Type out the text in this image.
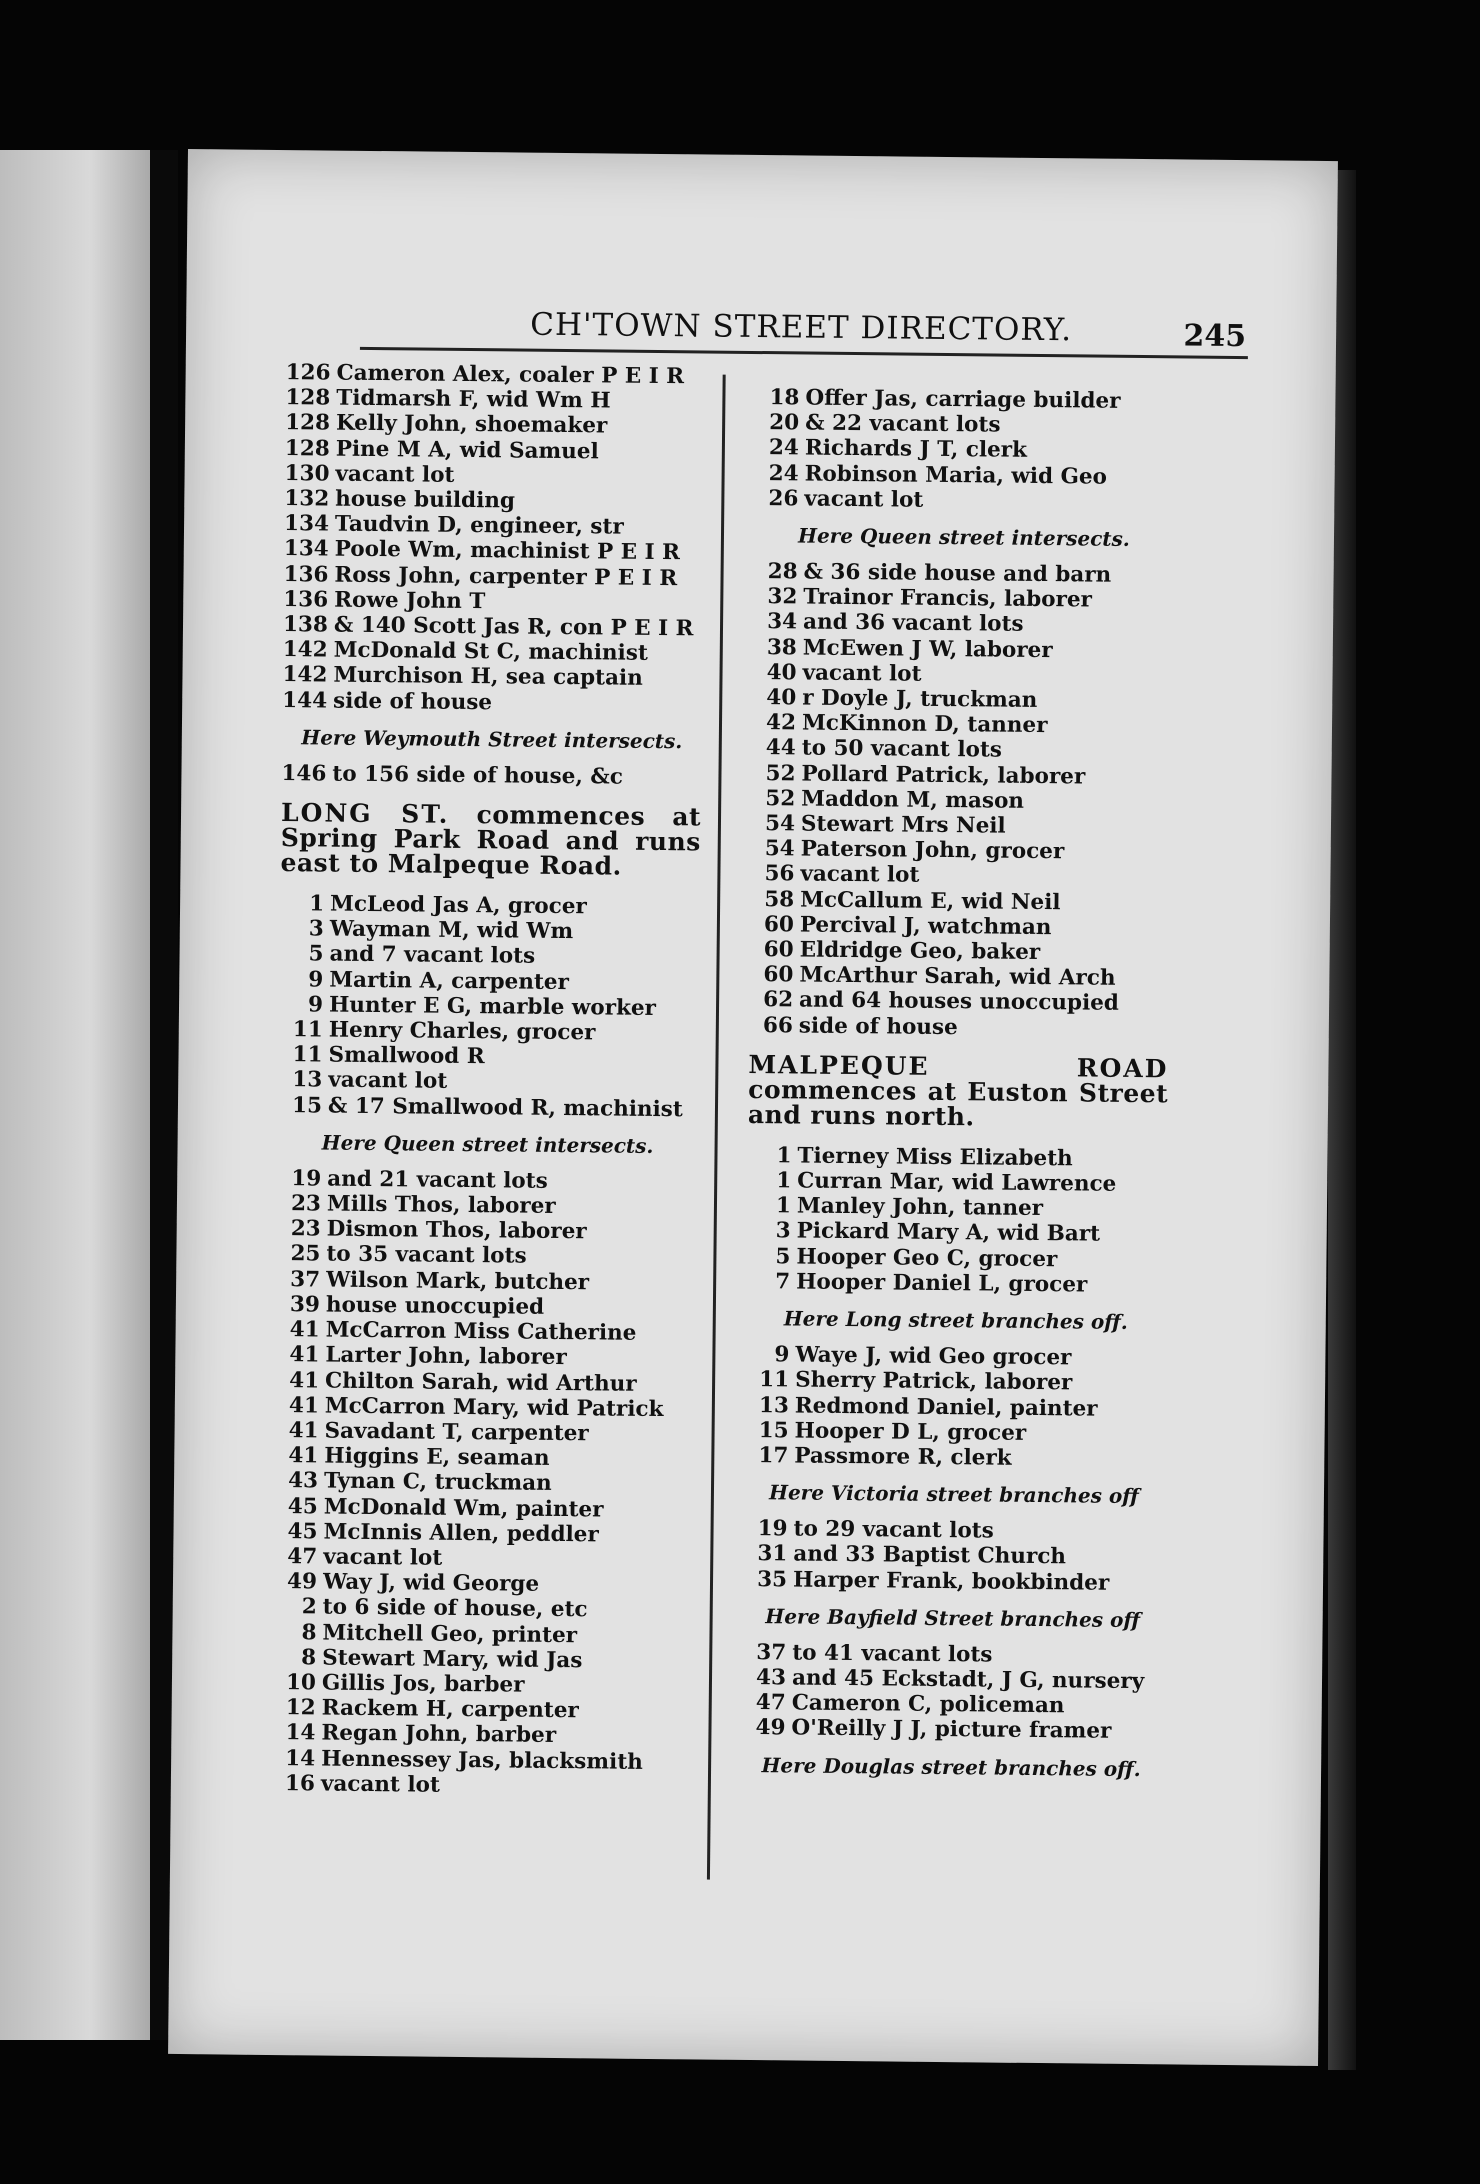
CH'TOWN STREET DIRECTORY.	245
126 Cameron Alex, coaler P E I R
128 Tidmarsh F, wid Wm H
128 Kelly John, shoemaker
128 Pine M A, wid Samuel
130 vacant lot
132 house building
134 Taudvin D, engineer, str
134 Poole Wm, machinist P E I R
136 Ross John, carpenter P E I R
136 Rowe John T
138 & 140 Scott Jas R, con P E I R
142 McDonald St C, machinist
142 Murchison H, sea captain
144 side of house
Here Weymouth Street intersects.
146 to 156 side of house, &c
LONG ST. commences at Spring Park Road and runs east to Malpeque Road.
1 McLeod Jas A, grocer
3 Wayman M, wid Wm
5 and 7 vacant lots
9 Martin A, carpenter
9 Hunter E G, marble worker
11 Henry Charles, grocer
11 Smallwood R
13 vacant lot
15 & 17 Smallwood R, machinist
Here Queen street intersects.
19 and 21 vacant lots
23 Mills Thos, laborer
23 Dismon Thos, laborer
25 to 35 vacant lots
37 Wilson Mark, butcher
39 house unoccupied
41 McCarron Miss Catherine
41 Larter John, laborer
41 Chilton Sarah, wid Arthur
41 McCarron Mary, wid Patrick
41 Savadant T, carpenter
41 Higgins E, seaman
43 Tynan C, truckman
45 McDonald Wm, painter
45 McInnis Allen, peddler
47 vacant lot
49 Way J, wid George
2 to 6 side of house, etc
8 Mitchell Geo, printer
8 Stewart Mary, wid Jas
10 Gillis Jos, barber
12 Rackem H, carpenter
14 Regan John, barber
14 Hennessey Jas, blacksmith
16 vacant lot
18 Offer Jas, carriage builder
20 & 22 vacant lots
24 Richards J T, clerk
24 Robinson Maria, wid Geo
26 vacant lot
Here Queen street intersects.
28 & 36 side house and barn
32 Trainor Francis, laborer
34 and 36 vacant lots
38 McEwen J W, laborer
40 vacant lot
40 r Doyle J, truckman
42 McKinnon D, tanner
44 to 50 vacant lots
52 Pollard Patrick, laborer
52 Maddon M, mason
54 Stewart Mrs Neil
54 Paterson John, grocer
56 vacant lot
58 McCallum E, wid Neil
60 Percival J, watchman
60 Eldridge Geo, baker
60 McArthur Sarah, wid Arch
62 and 64 houses unoccupied
66 side of house
MALPEQUE ROAD commences at Euston Street and runs north.
1 Tierney Miss Elizabeth
1 Curran Mar, wid Lawrence
1 Manley John, tanner
3 Pickard Mary A, wid Bart
5 Hooper Geo C, grocer
7 Hooper Daniel L, grocer
Here Long street branches off.
9 Waye J, wid Geo grocer
11 Sherry Patrick, laborer
13 Redmond Daniel, painter
15 Hooper D L, grocer
17 Passmore R, clerk
Here Victoria street branches off
19 to 29 vacant lots
31 and 33 Baptist Church
35 Harper Frank, bookbinder
Here Bayfield Street branches off
37 to 41 vacant lots
43 and 45 Eckstadt, J G, nursery
47 Cameron C, policeman
49 O'Reilly J J, picture framer
Here Douglas street branches off.
